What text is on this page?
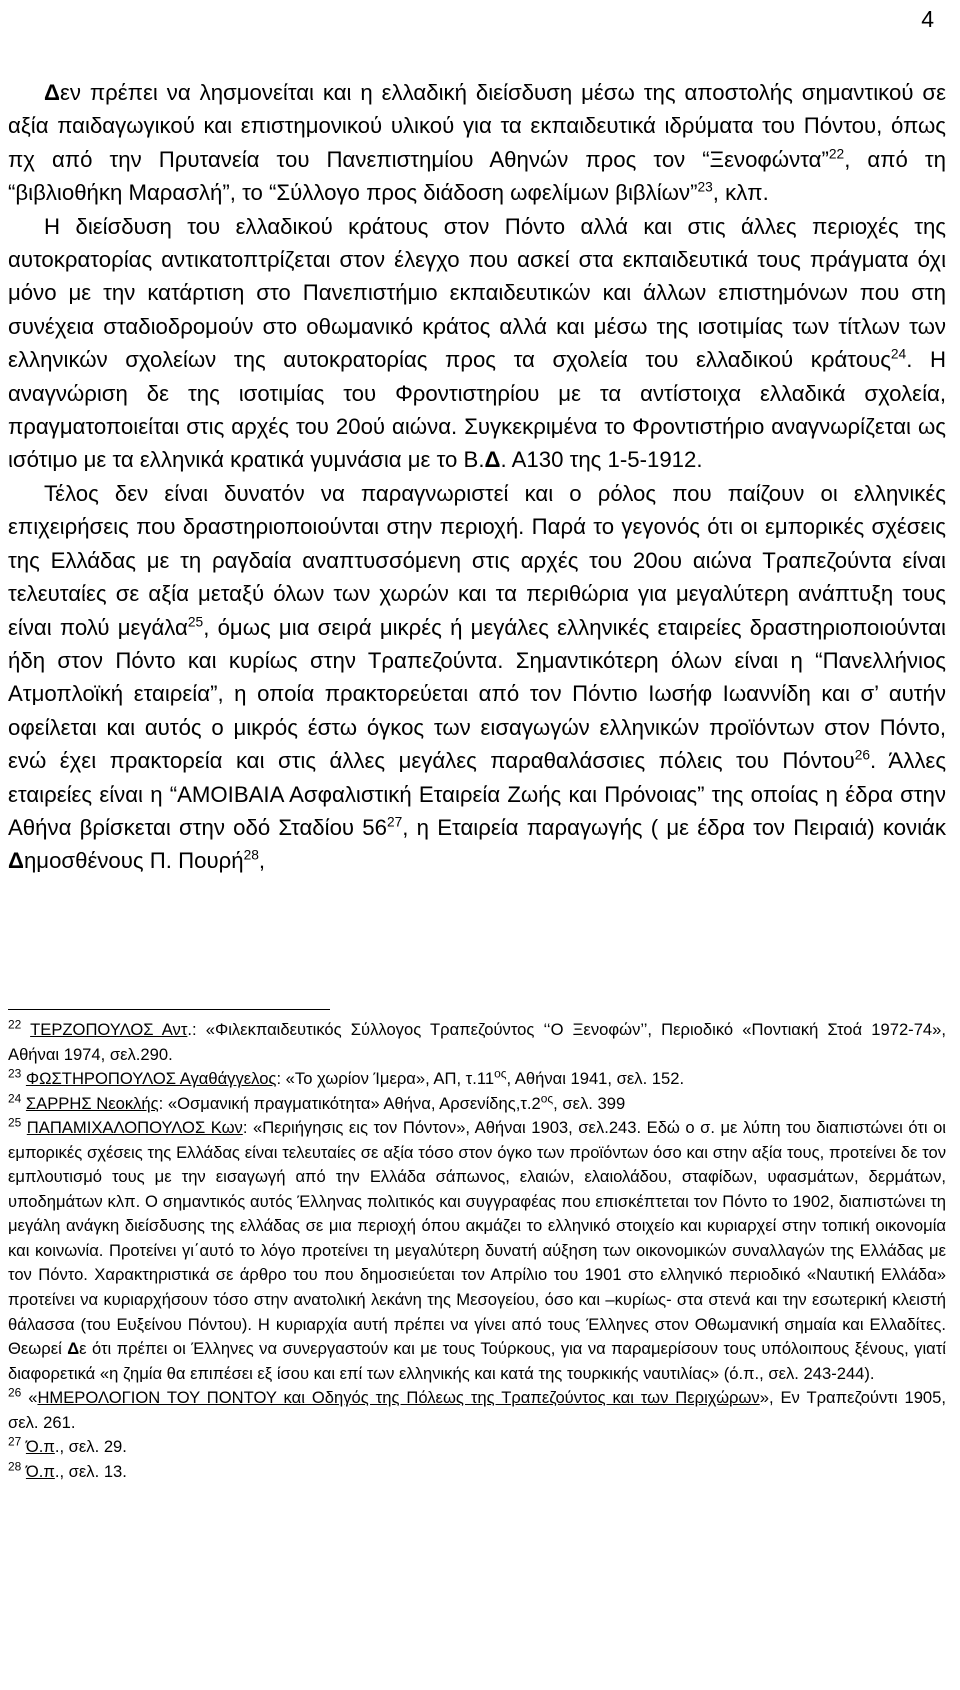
4

Δεν πρέπει να λησμονείται και η ελλαδική διείσδυση μέσω της αποστολής σημαντικού σε αξία παιδαγωγικού και επιστημονικού υλικού για τα εκπαιδευτικά ιδρύματα του Πόντου, όπως πχ από την Πρυτανεία του Πανεπιστημίου Αθηνών προς τον “Ξενοφώντα”$^{22}$, από τη “βιβλιοθήκη Μαρασλή”, το “Σύλλογο προς διάδοση ωφελίμων βιβλίων”$^{23}$, κλπ.

Η διείσδυση του ελλαδικού κράτους στον Πόντο αλλά και στις άλλες περιοχές της αυτοκρατορίας αντικατοπτρίζεται στον έλεγχο που ασκεί στα εκπαιδευτικά τους πράγματα όχι μόνο με την κατάρτιση στο Πανεπιστήμιο εκπαιδευτικών και άλλων επιστημόνων που στη συνέχεια σταδιοδρομούν στο οθωμανικό κράτος αλλά και μέσω της ισοτιμίας των τίτλων των ελληνικών σχολείων της αυτοκρατορίας προς τα σχολεία του ελλαδικού κράτους$^{24}$. Η αναγνώριση δε της ισοτιμίας του Φροντιστηρίου με τα αντίστοιχα ελλαδικά σχολεία, πραγματοποιείται στις αρχές του 20ού αιώνα. Συγκεκριμένα το Φροντιστήριο αναγνωρίζεται ως ισότιμο με τα ελληνικά κρατικά γυμνάσια με το Β.Δ. Α130 της 1-5-1912.

Τέλος δεν είναι δυνατόν να παραγνωριστεί και ο ρόλος που παίζουν οι ελληνικές επιχειρήσεις που δραστηριοποιούνται στην περιοχή. Παρά το γεγονός ότι οι εμπορικές σχέσεις της Ελλάδας με τη ραγδαία αναπτυσσόμενη στις αρχές του 20ου αιώνα Τραπεζούντα είναι τελευταίες σε αξία μεταξύ όλων των χωρών και τα περιθώρια για μεγαλύτερη ανάπτυξη τους είναι πολύ μεγάλα$^{25}$, όμως μια σειρά μικρές ή μεγάλες ελληνικές εταιρείες δραστηριοποιούνται ήδη στον Πόντο και κυρίως στην Τραπεζούντα. Σημαντικότερη όλων είναι η “Πανελλήνιος Ατμοπλοϊκή εταιρεία”, η οποία πρακτορεύεται από τον Πόντιο Ιωσήφ Ιωαννίδη και σ’ αυτήν οφείλεται και αυτός ο μικρός έστω όγκος των εισαγωγών ελληνικών προϊόντων στον Πόντο, ενώ έχει πρακτορεία και στις άλλες μεγάλες παραθαλάσσιες πόλεις του Πόντου$^{26}$. Άλλες εταιρείες είναι η “ΑΜΟΙΒΑΙΑ Ασφαλιστική Εταιρεία Ζωής και Πρόνοιας” της οποίας η έδρα στην Αθήνα βρίσκεται στην οδό Σταδίου $56^{27}$, η Εταιρεία παραγωγής ( με έδρα τον Πειραιά) κονιάκ Δημοσθένους Π. Πουρή$^{28}$,

$^{22}$ ΤΕΡΖΟΠΟΥΛΟΣ Αντ.: «Φιλεκπαιδευτικός Σύλλογος Τραπεζούντος ‘‘Ο Ξενοφών’’, Περιοδικό «Ποντιακή Στοά 1972-74», Αθήναι 1974, σελ.290.

$^{23}$ ΦΩΣΤΗΡΟΠΟΥΛΟΣ Αγαθάγγελος: «Το χωρίον Ίμερα», ΑΠ, $\tau.11^{o\varsigma}$, Αθήναι 1941, σελ. 152.

$^{24}$ ΣΑΡΡΗΣ Νεοκλής: «Οσμανική πραγματικότητα» Αθήνα, $A\rho\sigma\varepsilon\nu ί\delta\eta\varsigma,\tau.2^{o\varsigma}$, σελ. 399

$^{25}$ ΠΑΠΑΜΙΧΑΛΟΠΟΥΛΟΣ Κων: «Περιήγησις εις τον Πόντον», Αθήναι 1903, σελ.243. Εδώ ο σ. με λύπη του διαπιστώνει ότι οι εμπορικές σχέσεις της Ελλάδας είναι τελευταίες σε αξία τόσο στον όγκο των προϊόντων όσο και στην αξία τους, προτείνει δε τον εμπλουτισμό τους με την εισαγωγή από την Ελλάδα σάπωνος, ελαιών, ελαιολάδου, σταφίδων, υφασμάτων, δερμάτων, υποδημάτων κλπ. Ο σημαντικός αυτός Έλληνας πολιτικός και συγγραφέας που επισκέπτεται τον Πόντο το 1902, διαπιστώνει τη μεγάλη ανάγκη διείσδυσης της ελλάδας σε μια περιοχή όπου ακμάζει το ελληνικό στοιχείο και κυριαρχεί στην τοπική οικονομία και κοινωνία. Προτείνει γι΄αυτό το λόγο προτείνει τη μεγαλύτερη δυνατή αύξηση των οικονομικών συναλλαγών της Ελλάδας με τον Πόντο. Χαρακτηριστικά σε άρθρο του που δημοσιεύεται τον Απρίλιο του 1901 στο ελληνικό περιοδικό «Ναυτική Ελλάδα» προτείνει να κυριαρχήσουν τόσο στην ανατολική λεκάνη της Μεσογείου, όσο και –κυρίως- στα στενά και την εσωτερική κλειστή θάλασσα (του Ευξείνου Πόντου). Η κυριαρχία αυτή πρέπει να γίνει από τους Έλληνες στον Οθωμανική σημαία και Ελλαδίτες. Θεωρεί Δε ότι πρέπει οι Έλληνες να συνεργαστούν και με τους Τούρκους, για να παραμερίσουν τους υπόλοιπους ξένους, γιατί διαφορετικά «η ζημία θα επιπέσει εξ ίσου και επί των ελληνικής και κατά της τουρκικής ναυτιλίας» (ό.π., σελ. 243-244).

$^{26}$ «ΗΜΕΡΟΛΟΓΙΟΝ ΤΟΥ ΠΟΝΤΟΥ και Οδηγός της Πόλεως της Τραπεζούντος και των Περιχώρων», Εν Τραπεζούντι 1905, σελ. 261.

$^{27}$ Ό.π., σελ. 29.

$^{28}$ Ό.π., σελ. 13.
